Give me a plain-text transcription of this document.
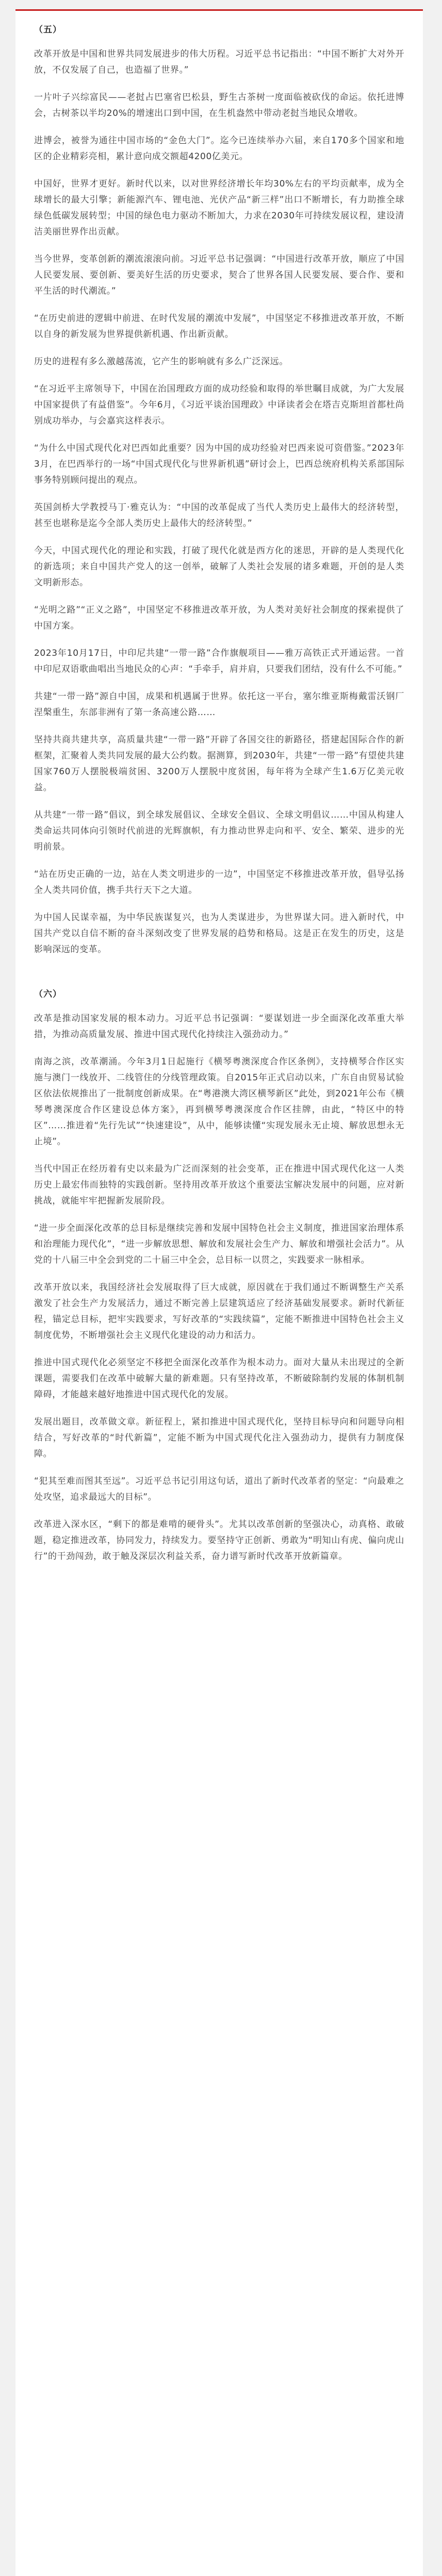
（五）

改革开放是中国和世界共同发展进步的伟大历程。习近平总书记指出：“中国不断扩大对外开放，不仅发展了自己，也造福了世界。”

一片叶子兴综富民——老挝占巴塞省巴松县，野生古茶树一度面临被砍伐的命运。依托进博会，古树茶以半均20%的增速出口到中国，在生机盎然中带动老挝当地民众增收。

进博会，被誉为通往中国市场的“金色大门”。迄今已连续举办六届，来自170多个国家和地区的企业精彩亮相，累计意向成交额超4200亿美元。

中国好，世界才更好。新时代以来，以对世界经济增长年均30%左右的平均贡献率，成为全球增长的最大引擎；新能源汽车、锂电池、光伏产品“新三样”出口不断增长，有力助推全球绿色低碳发展转型；中国的绿色电力驱动不断加大，力求在2030年可持续发展议程，建设清洁美丽世界作出贡献。

当今世界，变革创新的潮流滚滚向前。习近平总书记强调：“中国进行改革开放，顺应了中国人民要发展、要创新、要美好生活的历史要求，契合了世界各国人民要发展、要合作、要和平生活的时代潮流。”

“在历史前进的逻辑中前进、在时代发展的潮流中发展”，中国坚定不移推进改革开放，不断以自身的新发展为世界提供新机遇、作出新贡献。

历史的进程有多么激越荡流，它产生的影响就有多么广泛深远。

“在习近平主席领导下，中国在治国理政方面的成功经验和取得的举世瞩目成就，为广大发展中国家提供了有益借鉴”。今年6月，《习近平谈治国理政》中译读者会在塔吉克斯坦首都杜尚别成功举办，与会嘉宾这样表示。

“为什么中国式现代化对巴西如此重要？因为中国的成功经验对巴西来说可资借鉴。”2023年3月，在巴西举行的一场“中国式现代化与世界新机遇”研讨会上，巴西总统府机构关系部国际事务特别顾问提出的观点。

英国剑桥大学教授马丁·雅克认为：“中国的改革促成了当代人类历史上最伟大的经济转型，甚至也堪称是迄今全部人类历史上最伟大的经济转型。”

今天，中国式现代化的理论和实践，打破了现代化就是西方化的迷思，开辟的是人类现代化的新选项；来自中国共产党人的这一创举，破解了人类社会发展的诸多难题，开创的是人类文明新形态。

“光明之路”“正义之路”，中国坚定不移推进改革开放，为人类对美好社会制度的探索提供了中国方案。

2023年10月17日，中印尼共建“一带一路”合作旗舰项目——雅万高铁正式开通运营。一首中印尼双语歌曲唱出当地民众的心声：“手牵手，肩并肩，只要我们团结，没有什么不可能。”

共建“一带一路”源自中国，成果和机遇属于世界。依托这一平台，塞尔维亚斯梅戴雷沃钢厂涅槃重生，东部非洲有了第一条高速公路……

坚持共商共建共享，高质量共建“一带一路”开辟了各国交往的新路径，搭建起国际合作的新框架，汇聚着人类共同发展的最大公约数。据测算，到2030年，共建“一带一路”有望使共建国家760万人摆脱极端贫困、3200万人摆脱中度贫困，每年将为全球产生1.6万亿美元收益。

从共建“一带一路”倡议，到全球发展倡议、全球安全倡议、全球文明倡议……中国从构建人类命运共同体向引领时代前进的光辉旗帜，有力推动世界走向和平、安全、繁荣、进步的光明前景。

“站在历史正确的一边，站在人类文明进步的一边”，中国坚定不移推进改革开放，倡导弘扬全人类共同价值，携手共行天下之大道。

为中国人民谋幸福，为中华民族谋复兴，也为人类谋进步，为世界谋大同。进入新时代，中国共产党以自信不断的奋斗深刻改变了世界发展的趋势和格局。这是正在发生的历史，这是影响深远的变革。

（六）

改革是推动国家发展的根本动力。习近平总书记强调：“要谋划进一步全面深化改革重大举措，为推动高质量发展、推进中国式现代化持续注入强劲动力。”

南海之滨，改革潮涌。今年3月1日起施行《横琴粤澳深度合作区条例》，支持横琴合作区实施与澳门一线放开、二线管住的分线管理政策。自2015年正式启动以来，广东自由贸易试验区依法依规推出了一批制度创新成果。在“粤港澳大湾区横琴新区”此处，到2021年公布《横琴粤澳深度合作区建设总体方案》，再到横琴粤澳深度合作区挂牌，由此，“特区中的特区”……推进着“先行先试”“快速建设”，从中，能够读懂“实现发展永无止境、解放思想永无止境”。

当代中国正在经历着有史以来最为广泛而深刻的社会变革，正在推进中国式现代化这一人类历史上最宏伟而独特的实践创新。坚持用改革开放这个重要法宝解决发展中的问题，应对新挑战，就能牢牢把握新发展阶段。

“进一步全面深化改革的总目标是继续完善和发展中国特色社会主义制度，推进国家治理体系和治理能力现代化”，“进一步解放思想、解放和发展社会生产力、解放和增强社会活力”。从党的十八届三中全会到党的二十届三中全会，总目标一以贯之，实践要求一脉相承。

改革开放以来，我国经济社会发展取得了巨大成就，原因就在于我们通过不断调整生产关系激发了社会生产力发展活力，通过不断完善上层建筑适应了经济基础发展要求。新时代新征程，锚定总目标，把牢实践要求，写好改革的“实践续篇”，定能不断推进中国特色社会主义制度优势，不断增强社会主义现代化建设的动力和活力。

推进中国式现代化必须坚定不移把全面深化改革作为根本动力。面对大量从未出现过的全新课题，需要我们在改革中破解大量的新难题。只有坚持改革，不断破除制约发展的体制机制障碍，才能越来越好地推进中国式现代化的发展。

发展出题目，改革做文章。新征程上，紧扣推进中国式现代化，坚持目标导向和问题导向相结合，写好改革的“时代新篇”，定能不断为中国式现代化注入强劲动力，提供有力制度保障。

“犯其至难而图其至远”。习近平总书记引用这句话，道出了新时代改革者的坚定：“向最难之处攻坚，追求最远大的目标”。

改革进入深水区，“剩下的都是难啃的硬骨头”。尤其以改革创新的坚强决心，动真格、敢破题，稳定推进改革，协同发力，持续发力。要坚持守正创新、勇敢为“明知山有虎、偏向虎山行”的干劲闯劲，敢于触及深层次利益关系，奋力谱写新时代改革开放新篇章。
